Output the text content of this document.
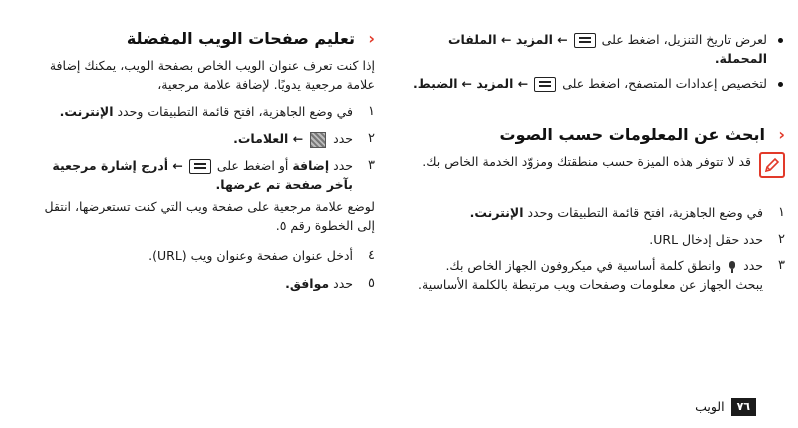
لعرض تاريخ التنزيل، اضغط على  ← المزيد ← الملفات المحملة.

لتخصيص إعدادات المتصفح، اضغط على  ← المزيد ← الضبط.

‹
ابحث عن المعلومات حسب الصوت

قد لا تتوفر هذه الميزة حسب منطقتك ومزوّد الخدمة الخاص بك.

١

في وضع الجاهزية، افتح قائمة التطبيقات وحدد الإنترنت.

٢

حدد حقل إدخال URL.

٣

حدد  وانطق كلمة أساسية في ميكروفون الجهاز الخاص بك.

يبحث الجهاز عن معلومات وصفحات ويب مرتبطة بالكلمة الأساسية.

‹
تعليم صفحات الويب المفضلة

إذا كنت تعرف عنوان الويب الخاص بصفحة الويب، يمكنك إضافة علامة مرجعية يدويًا. لإضافة علامة مرجعية،

١

في وضع الجاهزية، افتح قائمة التطبيقات وحدد الإنترنت.

٢

حدد  ← العلامات.

٣

حدد إضافة أو اضغط على  ← أدرج إشارة مرجعية بآخر صفحة تم عرضها.

لوضع علامة مرجعية على صفحة ويب التي كنت تستعرضها، انتقل إلى الخطوة رقم ٥.

٤

أدخل عنوان صفحة وعنوان ويب (URL).

٥

حدد موافق.

٧٦
الويب
